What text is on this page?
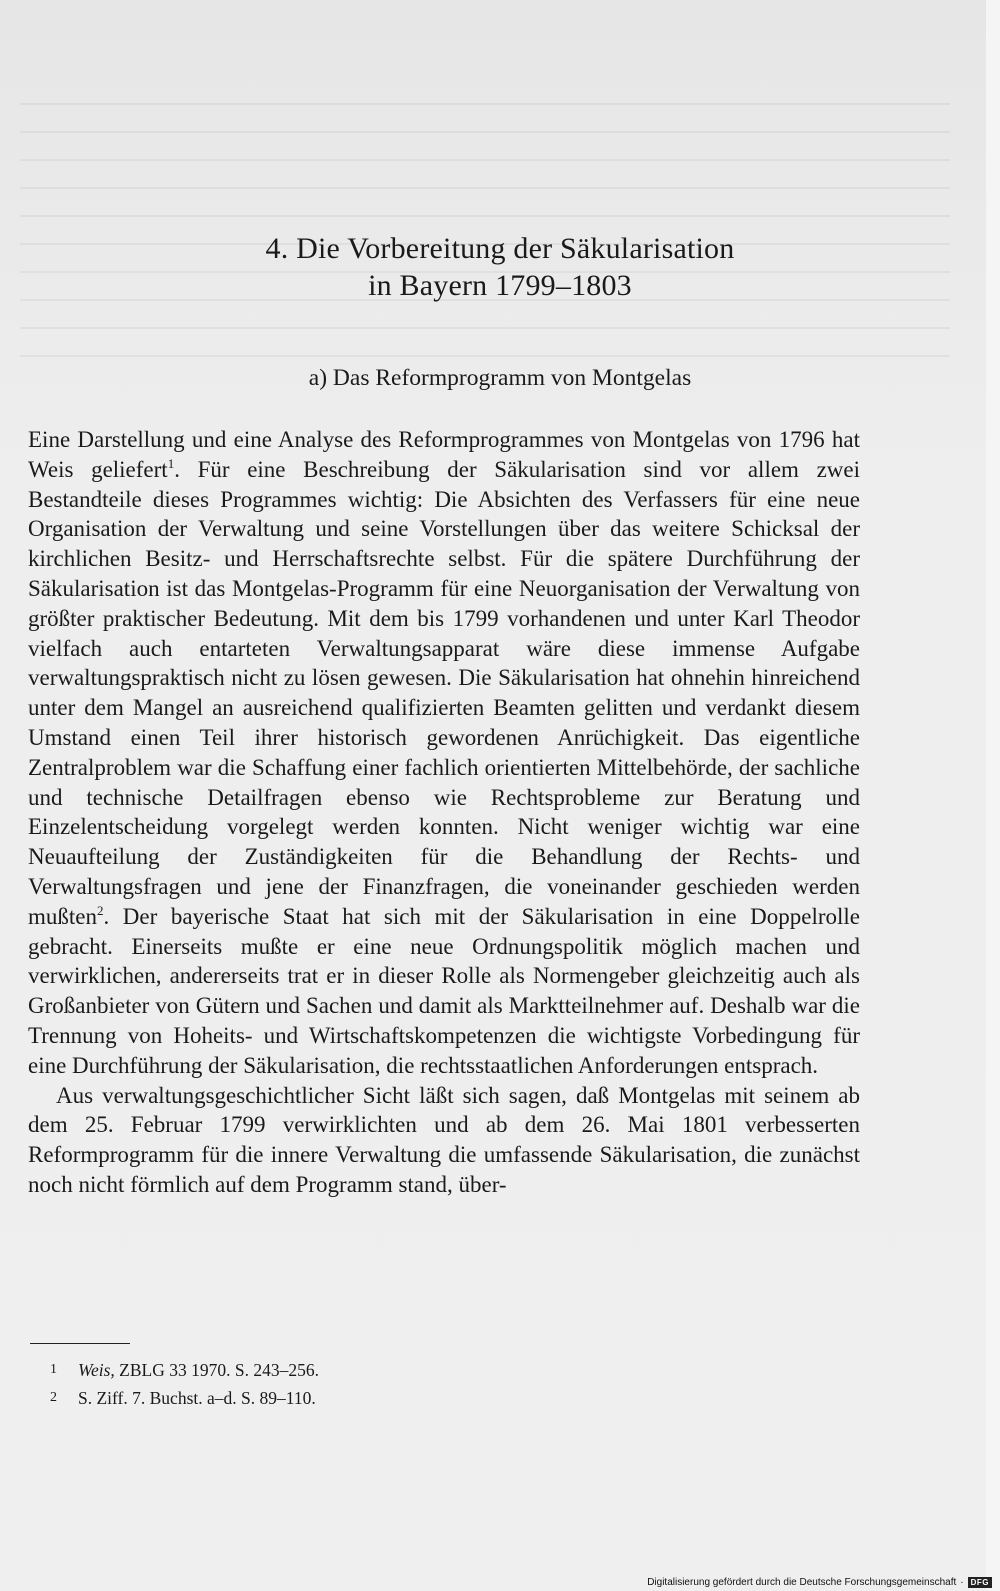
4. Die Vorbereitung der Säkularisation
in Bayern 1799–1803
a) Das Reformprogramm von Montgelas

Eine Darstellung und eine Analyse des Reformprogrammes von Montgelas von 1796 hat Weis geliefert$^1$. Für eine Beschreibung der Säkularisation sind vor allem zwei Bestandteile dieses Programmes wichtig: Die Absichten des Verfassers für eine neue Organisation der Verwaltung und seine Vorstellungen über das weitere Schicksal der kirchlichen Besitz- und Herrschaftsrechte selbst. Für die spätere Durchführung der Säkularisation ist das Montgelas-Programm für eine Neuorganisation der Verwaltung von größter praktischer Bedeutung. Mit dem bis 1799 vorhandenen und unter Karl Theodor vielfach auch entarteten Verwaltungsapparat wäre diese immense Aufgabe verwaltungspraktisch nicht zu lösen gewesen. Die Säkularisation hat ohnehin hinreichend unter dem Mangel an ausreichend qualifizierten Beamten gelitten und verdankt diesem Umstand einen Teil ihrer historisch gewordenen Anrüchigkeit. Das eigentliche Zentralproblem war die Schaffung einer fachlich orientierten Mittelbehörde, der sachliche und technische Detailfragen ebenso wie Rechtsprobleme zur Beratung und Einzelentscheidung vorgelegt werden konnten. Nicht weniger wichtig war eine Neuaufteilung der Zuständigkeiten für die Behandlung der Rechts- und Verwaltungsfragen und jene der Finanzfragen, die voneinander geschieden werden mußten$^2$. Der bayerische Staat hat sich mit der Säkularisation in eine Doppelrolle gebracht. Einerseits mußte er eine neue Ordnungspolitik möglich machen und verwirklichen, andererseits trat er in dieser Rolle als Normengeber gleichzeitig auch als Großanbieter von Gütern und Sachen und damit als Marktteilnehmer auf. Deshalb war die Trennung von Hoheits- und Wirtschaftskompetenzen die wichtigste Vorbedingung für eine Durchführung der Säkularisation, die rechtsstaatlichen Anforderungen entsprach.

Aus verwaltungsgeschichtlicher Sicht läßt sich sagen, daß Montgelas mit seinem ab dem 25. Februar 1799 verwirklichten und ab dem 26. Mai 1801 verbesserten Reformprogramm für die innere Verwaltung die umfassende Säkularisation, die zunächst noch nicht förmlich auf dem Programm stand, über-

1 Weis, ZBLG 33 1970. S. 243–256.
2 S. Ziff. 7. Buchst. a–d. S. 89–110.
Digitalisierung gefördert durch die Deutsche Forschungsgemeinschaft · DFG
